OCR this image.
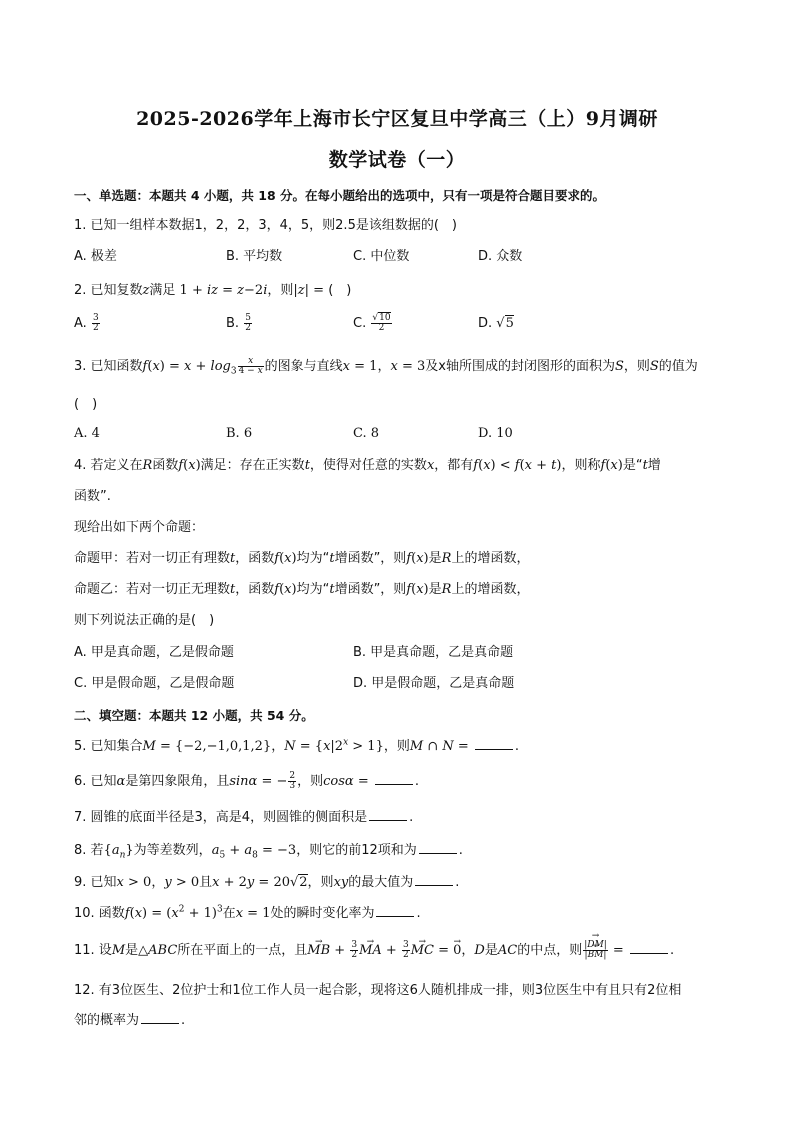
2025-2026学年上海市长宁区复旦中学高三（上）9月调研
数学试卷（一）
一、单选题：本题共 4 小题，共 18 分。在每小题给出的选项中，只有一项是符合题目要求的。
1. 已知一组样本数据1，2，2，3，4，5，则2.5是该组数据的(　)
A. 极差	B. 平均数	C. 中位数	D. 众数
2. 已知复数z满足 1 + iz = z−2i，则|z| = (　)
A. $\frac{3}{2}$	B. $\frac{5}{2}$	C. $\frac{√10}{2}$	D. √5
3. 已知函数$f(x) = x + \log_3 \frac{x}{4 - x}$ 的图象与直线x = 1，x = 3及x轴所围成的封闭图形的面积为S，则S的值为
(　)
A. 4	B. 6	C. 8	D. 10
4. 若定义在R函数f(x)满足：存在正实数t，使得对任意的实数x，都有f(x) < f(x + t)，则称f(x)是“t增
函数”.
现给出如下两个命题：
命题甲：若对一切正有理数t，函数f(x)均为“t增函数”，则f(x)是R上的增函数，
命题乙：若对一切正无理数t，函数f(x)均为“t增函数”，则f(x)是R上的增函数，
则下列说法正确的是(　)
A. 甲是真命题，乙是假命题	B. 甲是真命题，乙是真命题
C. 甲是假命题，乙是假命题	D. 甲是假命题，乙是真命题
二、填空题：本题共 12 小题，共 54 分。
5. 已知集合M = {−2,−1,0,1,2}，$N = \{x|2^x > 1\}$，则M ∩ N =	.
6. 已知α是第四象限角，且sinα = − $\frac{2}{3}$ ，则cosα =	.
7. 圆锥的底面半径是3，高是4，则圆锥的侧面积是	.
8. 若$\{a_n\}$为等差数列，$a_5 + a_8 = -3$，则它的前12项和为	.
9. 已知x > 0，y > 0且x + 2y = 20√2，则xy的最大值为	.
10. 函数$f(x) = (x^2 + 1)^3$在x = 1处的瞬时变化率为	.
11. 设M是△ABC所在平面上的一点，且→ MB + $\frac{3}{2}$ → MA + $\frac{3}{2}$ → MC = → 0，D是AC的中点，则 $\frac{|\to DM|}{|\to BM|}$ =	.
12. 有3位医生、2位护士和1位工作人员一起合影，现将这6人随机排成一排，则3位医生中有且只有2位相
邻的概率为	.
